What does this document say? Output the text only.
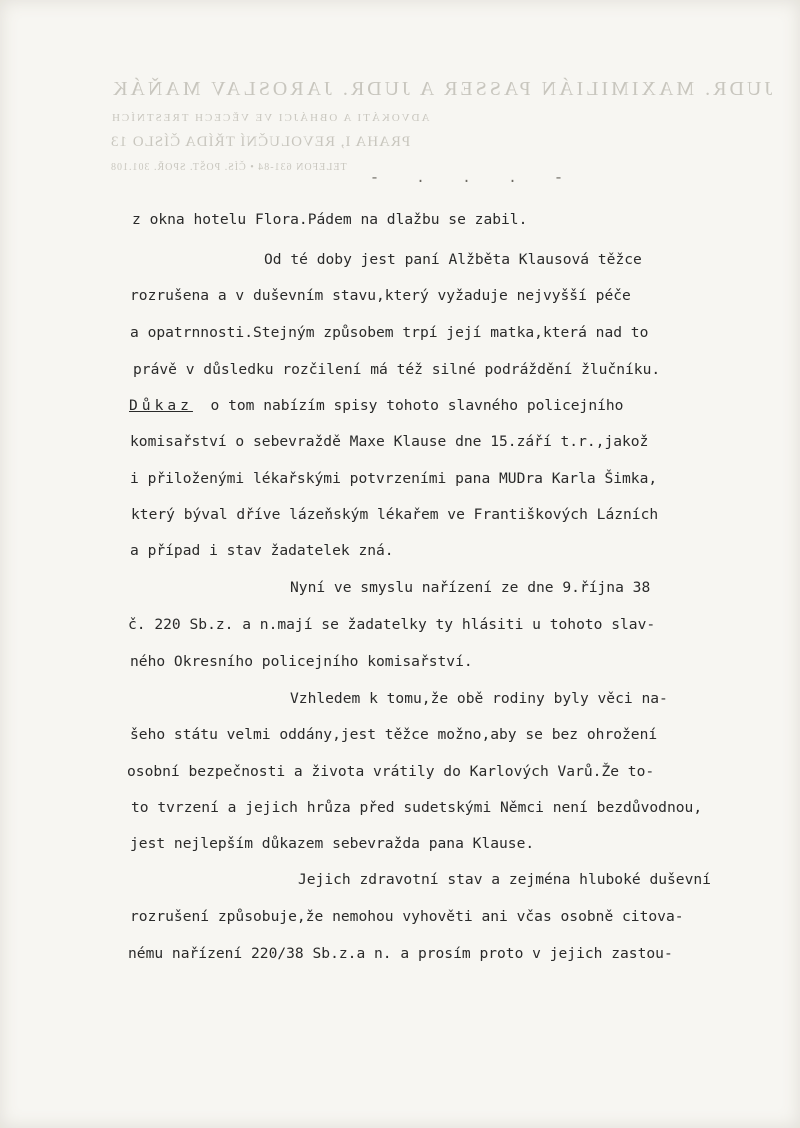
JUDR. MAXIMILIÁN PASSER A JUDR. JAROSLAV MAŇÁK
ADVOKÁTI A OBHÁJCI VE VĚCECH TRESTNÍCH
PRAHA I, REVOLUČNÍ TŘÍDA ČÍSLO 13
TELEFON 631-84 • ČÍS. POŠT. SPOŘ. 301.108
- . . . -
z okna hotelu Flora.Pádem na dlažbu se zabil.
Od té doby jest paní Alžběta Klausová těžce
rozrušena a v duševním stavu,který vyžaduje nejvyšší péče
a opatrnnosti.Stejným způsobem trpí její matka,která nad to
právě v důsledku rozčilení má též silné podráždění žlučníku.
Důkaz o tom nabízím spisy tohoto slavného policejního
komisařství o sebevraždě Maxe Klause dne 15.září t.r.,jakož
i přiloženými lékařskými potvrzeními pana MUDra Karla Šimka,
který býval dříve lázeňským lékařem ve Františkových Lázních
a případ i stav žadatelek zná.
Nyní ve smyslu nařízení ze dne 9.října 38
č. 220 Sb.z. a n.mají se žadatelky ty hlásiti u tohoto slav-
ného Okresního policejního komisařství.
Vzhledem k tomu,že obě rodiny byly věci na-
šeho státu velmi oddány,jest těžce možno,aby se bez ohrožení
osobní bezpečnosti a života vrátily do Karlových Varů.Že to-
to tvrzení a jejich hrůza před sudetskými Němci není bezdůvodnou,
jest nejlepším důkazem sebevražda pana Klause.
Jejich zdravotní stav a zejména hluboké duševní
rozrušení způsobuje,že nemohou vyhověti ani včas osobně citova-
nému nařízení 220/38 Sb.z.a n. a prosím proto v jejich zastou-
